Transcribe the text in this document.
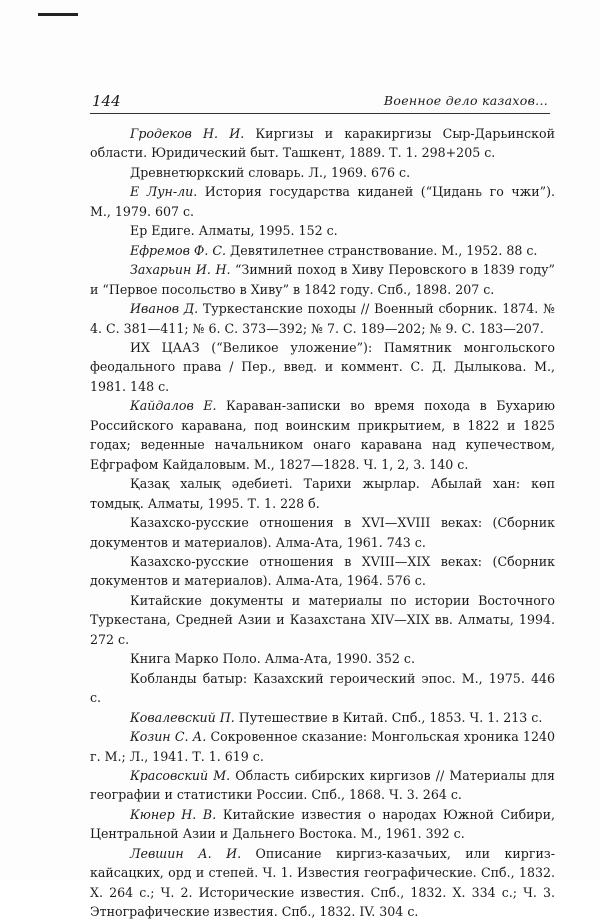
144	Военное дело казахов...

Гродеков Н. И. Киргизы и каракиргизы Сыр-Дарьинской области. Юридический быт. Ташкент, 1889. Т. 1. 298+205 с.

Древнетюркский словарь. Л., 1969. 676 с.

Е Лун-ли. История государства киданей (“Цидань го чжи”). М., 1979. 607 с.

Ер Едиге. Алматы, 1995. 152 с.

Ефремов Ф. С. Девятилетнее странствование. М., 1952. 88 с.

Захарьин И. Н. “Зимний поход в Хиву Перовского в 1839 году” и “Первое посольство в Хиву” в 1842 году. Спб., 1898. 207 с.

Иванов Д. Туркестанские походы // Военный сборник. 1874. № 4. С. 381—411; № 6. С. 373—392; № 7. С. 189—202; № 9. С. 183—207.

ИХ ЦААЗ (“Великое уложение”): Памятник монгольского феодального права / Пер., введ. и коммент. С. Д. Дылыкова. М., 1981. 148 с.

Кайдалов Е. Караван-записки во время похода в Бухарию Российского каравана, под воинским прикрытием, в 1822 и 1825 годах; веденные начальником онаго каравана над купечеством, Ефграфом Кайдаловым. М., 1827—1828. Ч. 1, 2, 3. 140 с.

Қазақ халық әдебиеті. Тарихи жырлар. Абылай хан: көп томдық. Алматы, 1995. Т. 1. 228 б.

Казахско-русские отношения в XVI—XVIII веках: (Сборник документов и материалов). Алма-Ата, 1961. 743 с.

Казахско-русские отношения в XVIII—XIX веках: (Сборник документов и материалов). Алма-Ата, 1964. 576 с.

Китайские документы и материалы по истории Восточного Туркестана, Средней Азии и Казахстана XIV—XIX вв. Алматы, 1994. 272 с.

Книга Марко Поло. Алма-Ата, 1990. 352 с.

Кобланды батыр: Казахский героический эпос. М., 1975. 446 с.

Ковалевский П. Путешествие в Китай. Спб., 1853. Ч. 1. 213 с.

Козин С. А. Сокровенное сказание: Монгольская хроника 1240 г. М.; Л., 1941. Т. 1. 619 с.

Красовский М. Область сибирских киргизов // Материалы для географии и статистики России. Спб., 1868. Ч. 3. 264 с.

Кюнер Н. В. Китайские известия о народах Южной Сибири, Центральной Азии и Дальнего Востока. М., 1961. 392 с.

Левшин А. И. Описание киргиз-казачьих, или киргиз-кайсацких, орд и степей. Ч. 1. Известия географические. Спб., 1832. Х. 264 с.; Ч. 2. Исторические известия. Спб., 1832. Х. 334 с.; Ч. 3. Этнографические известия. Спб., 1832. IV. 304 с.
